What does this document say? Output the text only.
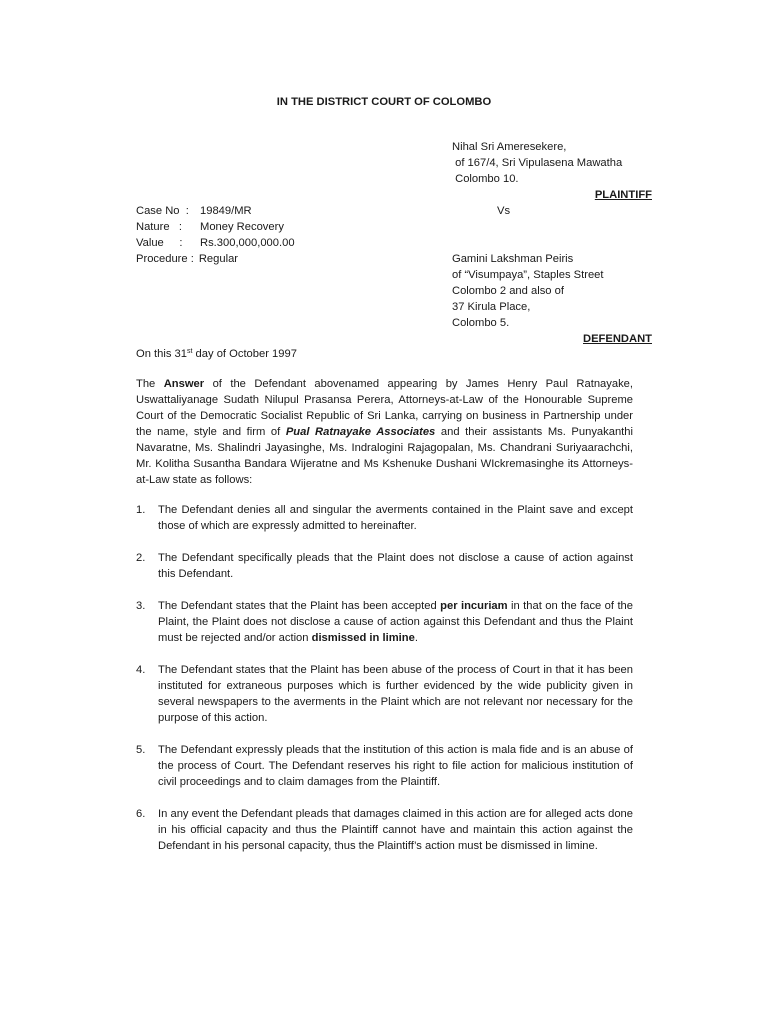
IN THE DISTRICT COURT OF COLOMBO
Nihal Sri Ameresekere,
of 167/4, Sri Vipulasena Mawatha
Colombo 10.
PLAINTIFF
Vs
Case No  : 19849/MR
Nature   :	Money Recovery
Value     :	Rs.300,000,000.00
Procedure : Regular	Gamini Lakshman Peiris
of “Visumpaya”, Staples Street
Colombo 2 and also of
37 Kirula Place,
Colombo 5.
DEFENDANT
On this 31st day of October 1997

The Answer of the Defendant abovenamed appearing by James Henry Paul Ratnayake, Uswattaliyanage Sudath Nilupul Prasansa Perera, Attorneys-at-Law of the Honourable Supreme Court of the Democratic Socialist Republic of Sri Lanka, carrying on business in Partnership under the name, style and firm of Pual Ratnayake Associates and their assistants Ms. Punyakanthi Navaratne, Ms. Shalindri Jayasinghe, Ms. Indralogini Rajagopalan, Ms. Chandrani Suriyaarachchi, Mr. Kolitha Susantha Bandara Wijeratne and Ms Kshenuke Dushani WIckremasinghe its Attorneys-at-Law state as follows:

1.	The Defendant denies all and singular the averments contained in the Plaint save and except those of which are expressly admitted to hereinafter.
2.	The Defendant specifically pleads that the Plaint does not disclose a cause of action against this Defendant.
3.	The Defendant states that the Plaint has been accepted per incuriam in that on the face of the Plaint, the Plaint does not disclose a cause of action against this Defendant and thus the Plaint must be rejected and/or action dismissed in limine.
4.	The Defendant states that the Plaint has been abuse of the process of Court in that it has been instituted for extraneous purposes which is further evidenced by the wide publicity given in several newspapers to the averments in the Plaint which are not relevant nor necessary for the purpose of this action.
5.	The Defendant expressly pleads that the institution of this action is mala fide and is an abuse of the process of Court. The Defendant reserves his right to file action for malicious institution of civil proceedings and to claim damages from the Plaintiff.
6.	In any event the Defendant pleads that damages claimed in this action are for alleged acts done in his official capacity and thus the Plaintiff cannot have and maintain this action against the Defendant in his personal capacity, thus the Plaintiff’s action must be dismissed in limine.
